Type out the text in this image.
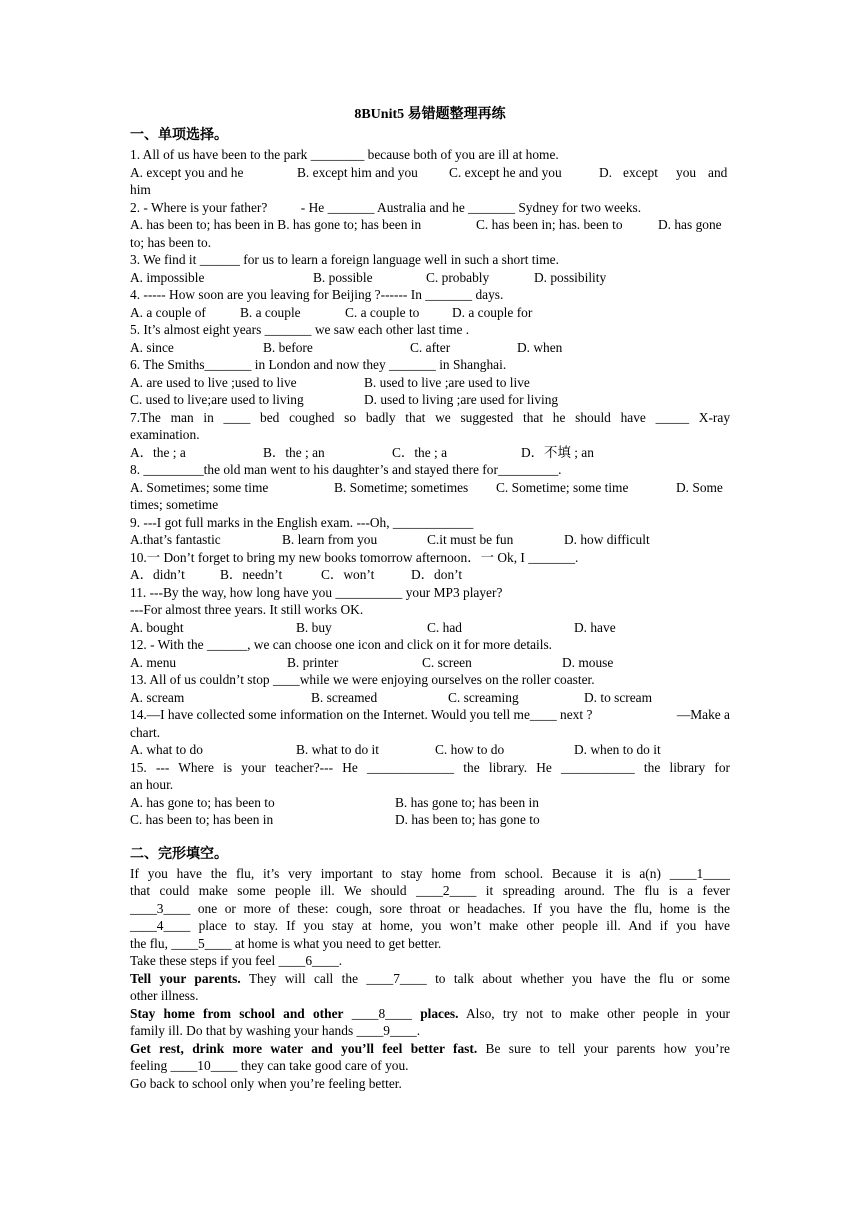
8BUnit5 易错题整理再练
一、单项选择。
1. All of us have been to the park ________ because both of you are ill at home.
A. except you and he	B. except him and you C. except he and you	D. except you and
him
2. - Where is your father?          - He _______ Australia and he _______ Sydney for two weeks.
A. has been to; has been in B. has gone to; has been in	C. has been in; has. been to	D. has gone
to; has been to.
3. We find it ______ for us to learn a foreign language well in such a short time.
A. impossible	B. possible	C. probably	D. possibility
4. ----- How soon are you leaving for Beijing ?------ In _______ days.
A. a couple of	B. a couple	C. a couple to D. a couple for
5. It’s almost eight years _______ we saw each other last time .
A. since	B. before	C. after	D. when
6. The Smiths_______ in London and now they _______ in Shanghai.
A. are used to live ;used to live	B. used to live ;are used to live
C. used to live;are used to living	D. used to living ;are used for living
7.The man in ____ bed coughed so badly that we suggested that he should have _____ X-ray
examination.
A．the ; a	B．the ; an	C．the ; a	D．不填 ; an
8. _________the old man went to his daughter’s and stayed there for_________.
A. Sometimes; some time	B. Sometime; sometimes C. Sometime; some time	D. Some
times; sometime
9. ---I got full marks in the English exam. ---Oh, ____________
A.that’s fantastic	B. learn from you	C.it must be fun	D. how difficult
10.一 Don’t forget to bring my new books tomorrow afternoon．一 Ok, I _______.
A．didn’t	B．needn’t	C．won’t	D．don’t
11. ---By the way, how long have you __________ your MP3 player?
---For almost three years. It still works OK.
A. bought	B. buy	C. had	D. have
12. - With the ______, we can choose one icon and click on it for more details.
A. menu	B. printer	C. screen	D. mouse
13. All of us couldn’t stop ____while we were enjoying ourselves on the roller coaster.
A. scream	B. screamed	C. screaming	D. to scream
14.—I have collected some information on the Internet. Would you tell me____ next ?	—Make a
chart.
A. what to do	B. what to do it	C. how to do	D. when to do it
15. --- Where is your teacher?--- He _____________ the library. He ___________ the library for
an hour.
A. has gone to; has been to	B. has gone to; has been in
C. has been to; has been in	D. has been to; has gone to
二、完形填空。
If you have the flu, it’s very important to stay home from school. Because it is a(n) ____1____
that could make some people ill. We should ____2____ it spreading around. The flu is a fever
____3____ one or more of these: cough, sore throat or headaches. If you have the flu, home is the
____4____ place to stay. If you stay at home, you won’t make other people ill. And if you have
the flu, ____5____ at home is what you need to get better.
Take these steps if you feel ____6____.
Tell your parents. They will call the ____7____ to talk about whether you have the flu or some
other illness.
Stay home from school and other ____8____ places. Also, try not to make other people in your
family ill. Do that by washing your hands ____9____.
Get rest, drink more water and you’ll feel better fast. Be sure to tell your parents how you’re
feeling ____10____ they can take good care of you.
Go back to school only when you’re feeling better.
